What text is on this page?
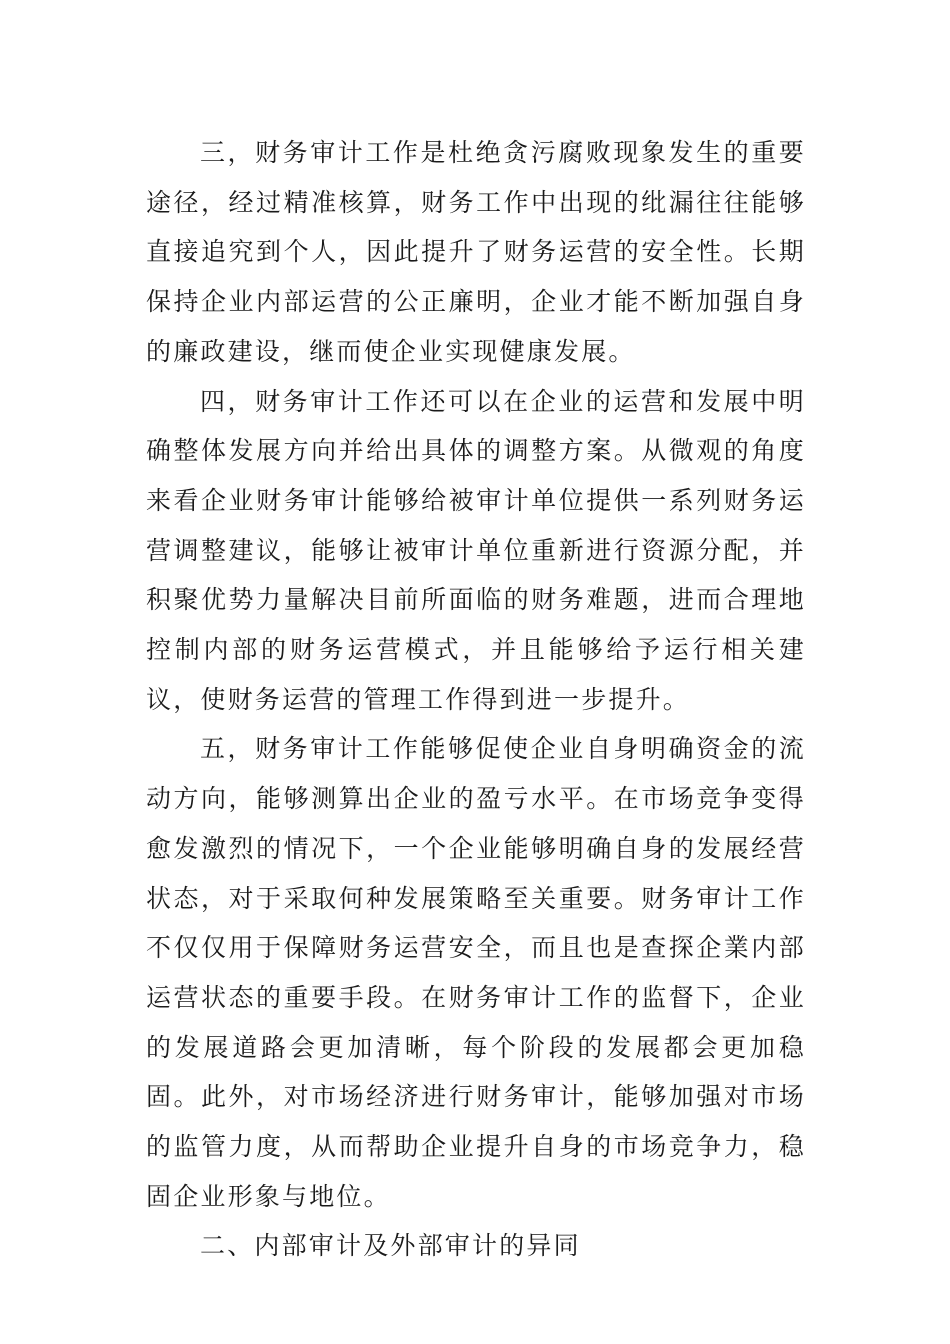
三，财务审计工作是杜绝贪污腐败现象发生的重要途径，经过精准核算，财务工作中出现的纰漏往往能够直接追究到个人，因此提升了财务运营的安全性。长期保持企业内部运营的公正廉明，企业才能不断加强自身的廉政建设，继而使企业实现健康发展。

四，财务审计工作还可以在企业的运营和发展中明确整体发展方向并给出具体的调整方案。从微观的角度来看企业财务审计能够给被审计单位提供一系列财务运营调整建议，能够让被审计单位重新进行资源分配，并积聚优势力量解决目前所面临的财务难题，进而合理地控制内部的财务运营模式，并且能够给予运行相关建议，使财务运营的管理工作得到进一步提升。

五，财务审计工作能够促使企业自身明确资金的流动方向，能够测算出企业的盈亏水平。在市场竞争变得愈发激烈的情况下，一个企业能够明确自身的发展经营状态，对于采取何种发展策略至关重要。财务审计工作不仅仅用于保障财务运营安全，而且也是查探企業内部运营状态的重要手段。在财务审计工作的监督下，企业的发展道路会更加清晰，每个阶段的发展都会更加稳固。此外，对市场经济进行财务审计，能够加强对市场的监管力度，从而帮助企业提升自身的市场竞争力，稳固企业形象与地位。

二、内部审计及外部审计的异同
